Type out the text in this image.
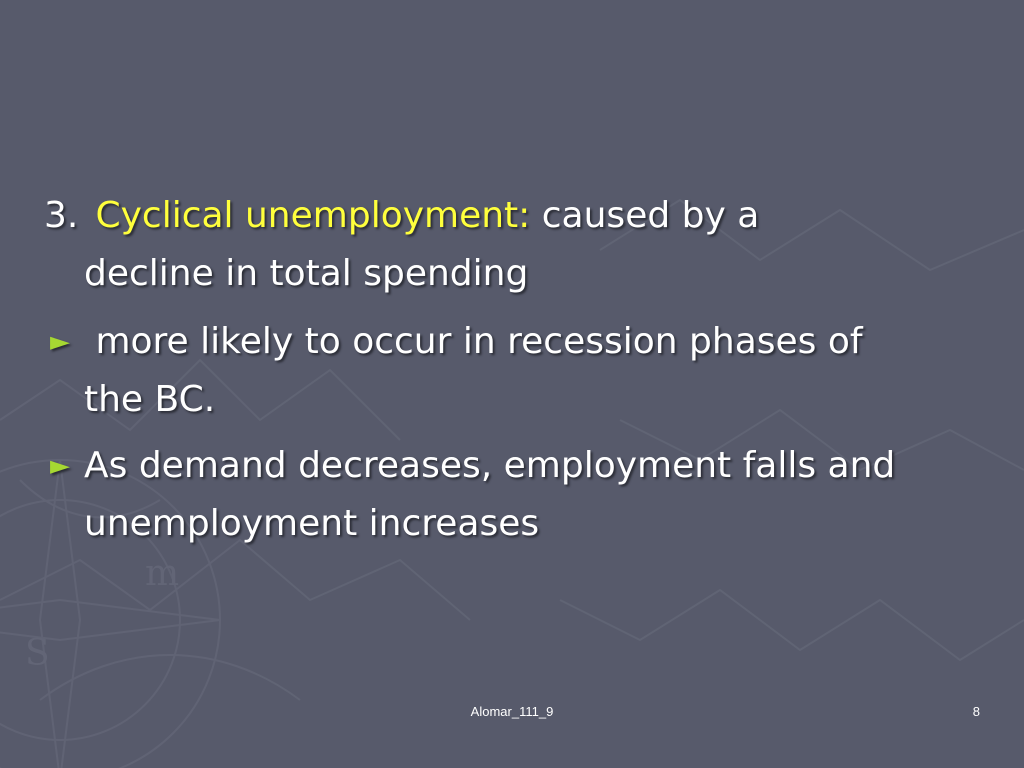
S
m
3. Cyclical unemployment: caused by a
decline in total spending
► more likely to occur in recession phases of
the BC.
► As demand decreases, employment falls and
unemployment increases
Alomar_111_9	8
